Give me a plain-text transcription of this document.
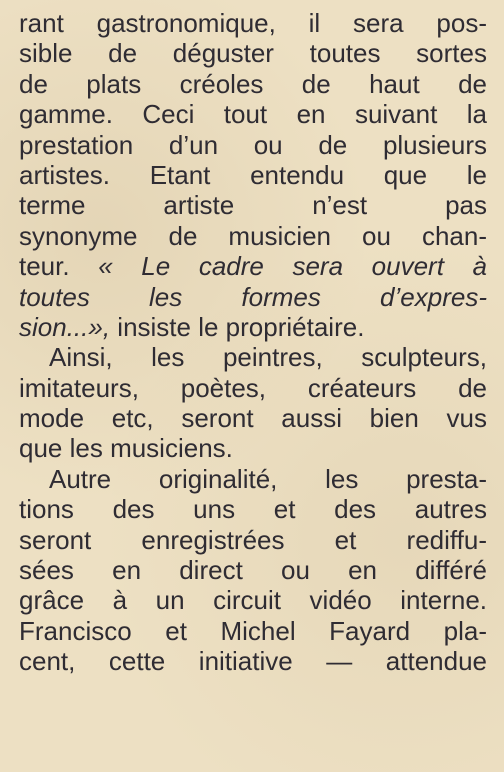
rant gastronomique, il sera pos-
sible de déguster toutes sortes
de plats créoles de haut de
gamme. Ceci tout en suivant la
prestation d’un ou de plusieurs
artistes. Etant entendu que le
terme artiste n’est pas
synonyme de musicien ou chan-
teur. « Le cadre sera ouvert à
toutes les formes d’expres-
sion...», insiste le propriétaire.
Ainsi, les peintres, sculpteurs,
imitateurs, poètes, créateurs de
mode etc, seront aussi bien vus
que les musiciens.
Autre originalité, les presta-
tions des uns et des autres
seront enregistrées et rediffu-
sées en direct ou en différé
grâce à un circuit vidéo interne.
Francisco et Michel Fayard pla-
cent, cette initiative — attendue
